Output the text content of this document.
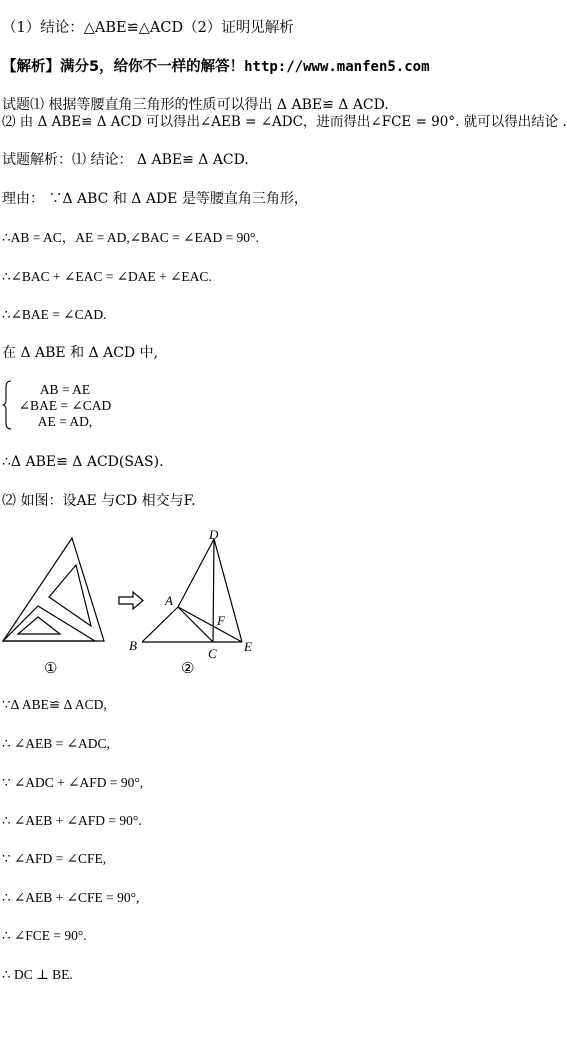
（1）结论：△ABE≌△ACD（2）证明见解析
【解析】满分5，给你不一样的解答！http://www.manfen5.com
试题⑴ 根据等腰直角三角形的性质可以得出 Δ ABE≌ Δ ACD.
⑵ 由 Δ ABE≌ Δ ACD 可以得出∠AEB = ∠ADC，进而得出∠FCE = 90°. 就可以得出结论 .
试题解析：⑴ 结论： Δ ABE≌ Δ ACD.
理由： ∵Δ ABC 和 Δ ADE 是等腰直角三角形，
∴AB = AC，AE = AD,∠BAC = ∠EAD = 90°.
∴∠BAC + ∠EAC = ∠DAE + ∠EAC.
∴∠BAE = ∠CAD.
在 Δ ABE 和 Δ ACD 中,
AB = AE
∠BAE = ∠CAD
AE = AD,
∴Δ ABE≌ Δ ACD(SAS).
⑵ 如图：设AE 与CD 相交与F.
D
A
B
C E
F
①	②
∵Δ ABE≌ Δ ACD,
∴ ∠AEB = ∠ADC,
∵ ∠ADC + ∠AFD = 90°,
∴ ∠AEB + ∠AFD = 90°.
∵ ∠AFD = ∠CFE,
∴ ∠AEB + ∠CFE = 90°,
∴ ∠FCE = 90°.
∴ DC ⊥ BE.
